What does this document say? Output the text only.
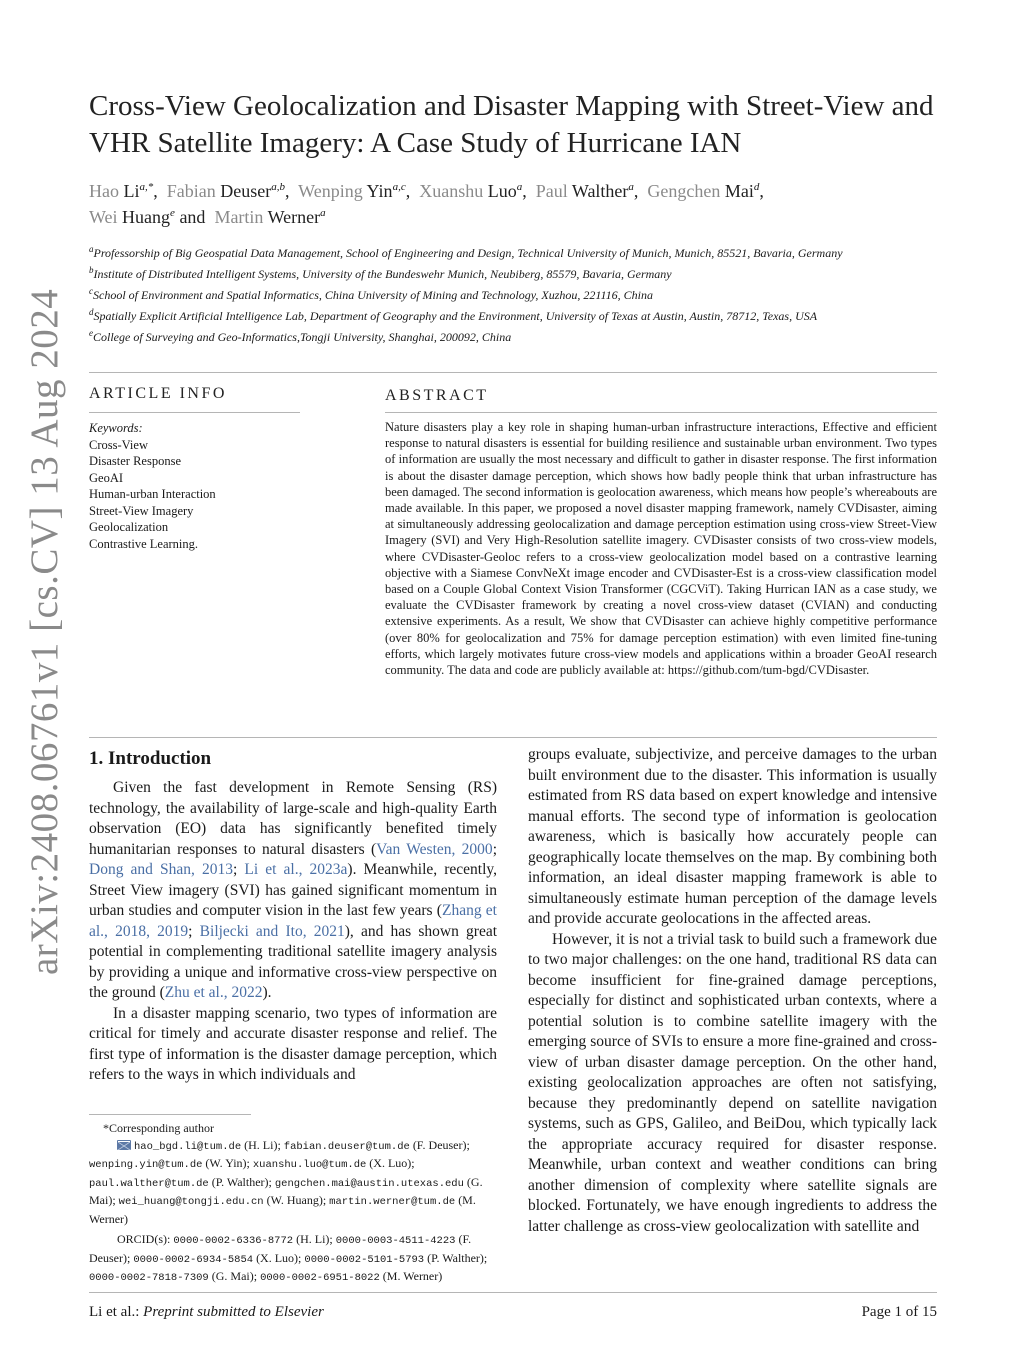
arXiv:2408.06761v1 [cs.CV] 13 Aug 2024
Cross-View Geolocalization and Disaster Mapping with Street-View and VHR Satellite Imagery: A Case Study of Hurricane IAN
Hao $Li^{a,*}$,  Fabian Deuser$^{a,b}$,  Wenping Yin$^{a,c}$,  Xuanshu Luo$^a$,  Paul Walther$^a$,  Gengchen Mai$^d$,
Wei Huang$^e$ and  Martin Werner$^a$
$^a$Professorship of Big Geospatial Data Management, School of Engineering and Design, Technical University of Munich, Munich, 85521, Bavaria, Germany
$^b$Institute of Distributed Intelligent Systems, University of the Bundeswehr Munich, Neubiberg, 85579, Bavaria, Germany
$^c$School of Environment and Spatial Informatics, China University of Mining and Technology, Xuzhou, 221116, China
$^d$Spatially Explicit Artificial Intelligence Lab, Department of Geography and the Environment, University of Texas at Austin, Austin, 78712, Texas, USA
$^e$College of Surveying and Geo-Informatics,Tongji University, Shanghai, 200092, China
ARTICLE INFO
Keywords:
Cross-View
Disaster Response
GeoAI
Human-urban Interaction
Street-View Imagery
Geolocalization
Contrastive Learning.
ABSTRACT
Nature disasters play a key role in shaping human-urban infrastructure interactions, Effective and efficient response to natural disasters is essential for building resilience and sustainable urban environment. Two types of information are usually the most necessary and difficult to gather in disaster response. The first information is about the disaster damage perception, which shows how badly people think that urban infrastructure has been damaged. The second information is geolocation awareness, which means how people’s whereabouts are made available. In this paper, we proposed a novel disaster mapping framework, namely CVDisaster, aiming at simultaneously addressing geolocalization and damage perception estimation using cross-view Street-View Imagery (SVI) and Very High-Resolution satellite imagery. CVDisaster consists of two cross-view models, where CVDisaster-Geoloc refers to a cross-view geolocalization model based on a contrastive learning objective with a Siamese ConvNeXt image encoder and CVDisaster-Est is a cross-view classification model based on a Couple Global Context Vision Transformer (CGCViT). Taking Hurrican IAN as a case study, we evaluate the CVDisaster framework by creating a novel cross-view dataset (CVIAN) and conducting extensive experiments. As a result, We show that CVDisaster can achieve highly competitive performance (over 80% for geolocalization and 75% for damage perception estimation) with even limited fine-tuning efforts, which largely motivates future cross-view models and applications within a broader GeoAI research community. The data and code are publicly available at: https://github.com/tum-bgd/CVDisaster.
1. Introduction

Given the fast development in Remote Sensing (RS) technology, the availability of large-scale and high-quality Earth observation (EO) data has significantly benefited timely humanitarian responses to natural disasters (Van Westen, 2000; Dong and Shan, 2013; Li et al., 2023a). Meanwhile, recently, Street View imagery (SVI) has gained significant momentum in urban studies and computer vision in the last few years (Zhang et al., 2018, 2019; Biljecki and Ito, 2021), and has shown great potential in complementing traditional satellite imagery analysis by providing a unique and informative cross-view perspective on the ground (Zhu et al., 2022).

In a disaster mapping scenario, two types of information are critical for timely and accurate disaster response and relief. The first type of information is the disaster damage perception, which refers to the ways in which individuals and

*Corresponding author

hao_bgd.li@tum.de (H. Li); fabian.deuser@tum.de (F. Deuser); wenping.yin@tum.de (W. Yin); xuanshu.luo@tum.de (X. Luo); paul.walther@tum.de (P. Walther); gengchen.mai@austin.utexas.edu (G. Mai); wei_huang@tongji.edu.cn (W. Huang); martin.werner@tum.de (M. Werner)

ORCID(s): 0000-0002-6336-8772 (H. Li); 0000-0003-4511-4223 (F. Deuser); 0000-0002-6934-5854 (X. Luo); 0000-0002-5101-5793 (P. Walther); 0000-0002-7818-7309 (G. Mai); 0000-0002-6951-8022 (M. Werner)

groups evaluate, subjectivize, and perceive damages to the urban built environment due to the disaster. This information is usually estimated from RS data based on expert knowledge and intensive manual efforts. The second type of information is geolocation awareness, which is basically how accurately people can geographically locate themselves on the map. By combining both information, an ideal disaster mapping framework is able to simultaneously estimate human perception of the damage levels and provide accurate geolocations in the affected areas.

However, it is not a trivial task to build such a framework due to two major challenges: on the one hand, traditional RS data can become insufficient for fine-grained damage perceptions, especially for distinct and sophisticated urban contexts, where a potential solution is to combine satellite imagery with the emerging source of SVIs to ensure a more fine-grained and cross-view of urban disaster damage perception. On the other hand, existing geolocalization approaches are often not satisfying, because they predominantly depend on satellite navigation systems, such as GPS, Galileo, and BeiDou, which typically lack the appropriate accuracy required for disaster response. Meanwhile, urban context and weather conditions can bring another dimension of complexity where satellite signals are blocked. Fortunately, we have enough ingredients to address the latter challenge as cross-view geolocalization with satellite and

Li et al.: Preprint submitted to Elsevier	Page 1 of 15
